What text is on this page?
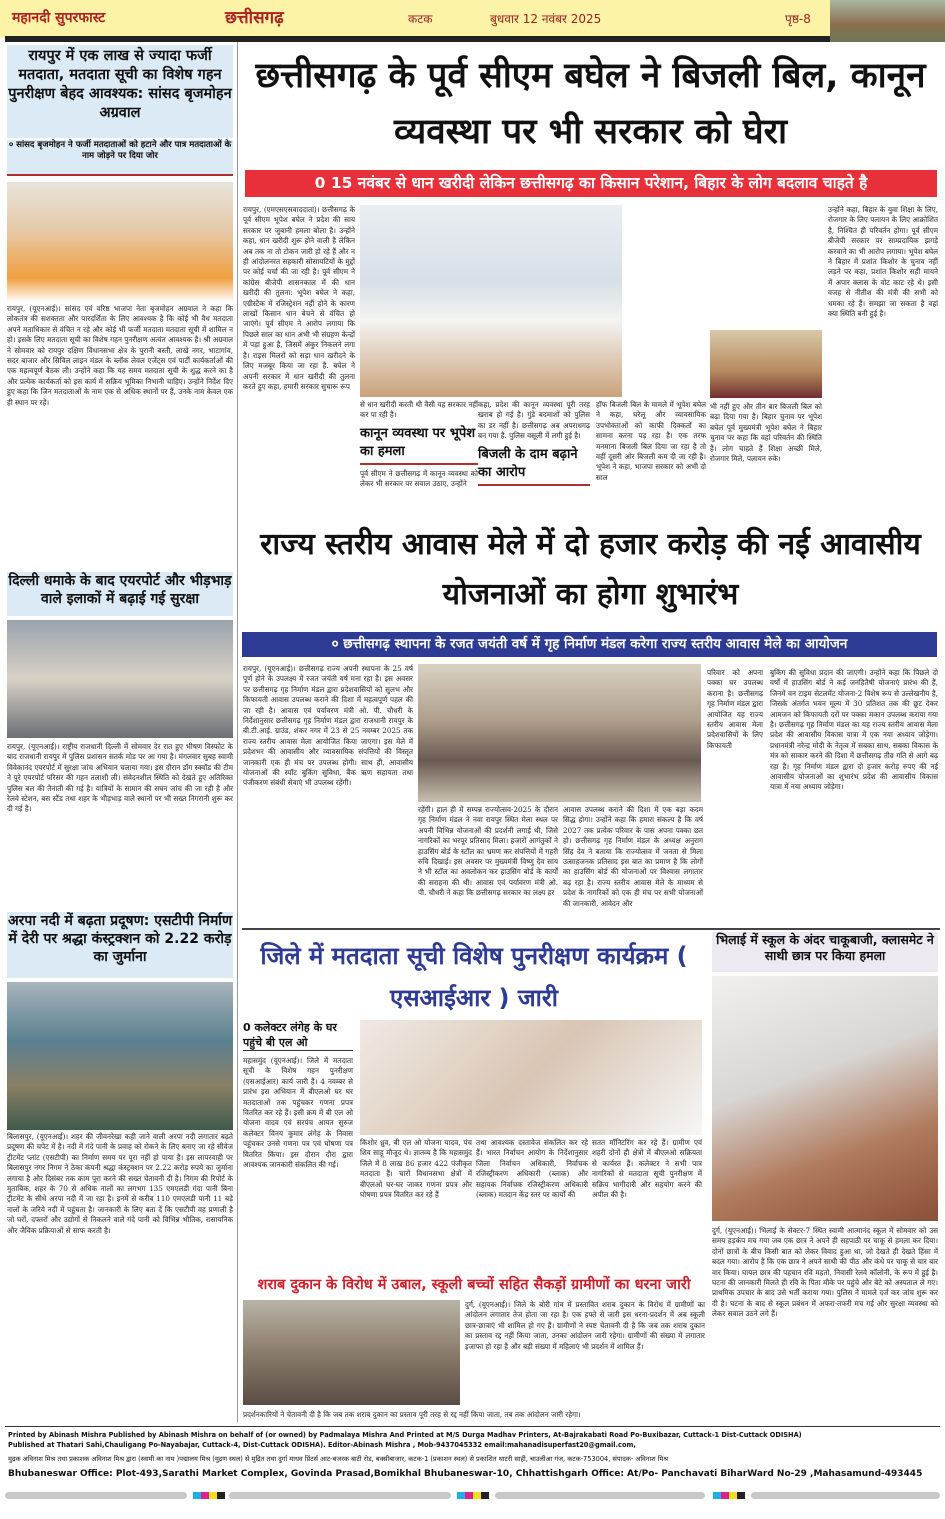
महानदी सुपरफास्ट	छत्तीसगढ़	कटक	बुधवार 12 नवंबर 2025	पृष्ठ-8
रायपुर में एक लाख से ज्यादा फर्जी मतदाता, मतदाता सूची का विशेष गहन पुनरीक्षण बेहद आवश्यक: सांसद बृजमोहन अग्रवाल
० सांसद बृजमोहन ने फर्जी मतदाताओं को हटाने और पात्र मतदाताओं के नाम जोड़ने पर दिया जोर
रायपुर, (यूएनआई)। सांसद एवं वरिष्ठ भाजपा नेता बृजमोहन अग्रवाल ने कहा कि लोकतंत्र की सशक्तता और पारदर्शिता के लिए आवश्यक है कि कोई भी वैध मतदाता अपने मताधिकार से वंचित न रहे और कोई भी फर्जी मतदाता मतदाता सूची में शामिल न हो। इसके लिए मतदाता सूची का विशेष गहन पुनरीक्षण अत्यंत आवश्यक है। श्री अग्रवाल ने सोमवार को रायपुर दक्षिण विधानसभा क्षेत्र के पुरानी बस्ती, लाखे नगर, भाटागांव, सदर बाजार और सिविल लाइन मंडल के ब्लॉक लेवल एजेंट्स एवं पार्टी कार्यकर्ताओं की एक महत्वपूर्ण बैठक ली। उन्होंने कहा कि यह समय मतदाता सूची के शुद्ध करने का है और प्रत्येक कार्यकर्ता को इस कार्य में सक्रिय भूमिका निभानी चाहिए। उन्होंने निर्देश दिए हुए कहा कि जिन मतदाताओं के नाम एक से अधिक स्थानों पर हैं, उनके नाम केवल एक ही स्थान पर रहें।
दिल्ली धमाके के बाद एयरपोर्ट और भीड़भाड़ वाले इलाकों में बढ़ाई गई सुरक्षा
रायपुर, (यूएनआई)। राष्ट्रीय राजधानी दिल्ली में सोमवार देर रात हुए भीषण विस्फोट के बाद राजधानी रायपुर में पुलिस प्रशासन सतर्क मोड पर आ गया है। मंगलवार सुबह स्वामी विवेकानंद एयरपोर्ट में सुरक्षा जांच अभियान चलाया गया। इस दौरान डॉग स्क्वॉड की टीम ने पूरे एयरपोर्ट परिसर की गहन तलाशी ली। संवेदनशील स्थिति को देखते हुए अतिरिक्त पुलिस बल की तैनाती की गई है। यात्रियों के सामान की सघन जांच की जा रही है और रेलवे स्टेशन, बस स्टैंड तथा शहर के भीड़भाड़ वाले स्थानों पर भी सख्त निगरानी शुरू कर दी गई है।
अरपा नदी में बढ़ता प्रदूषण: एसटीपी निर्माण में देरी पर श्रद्धा कंस्ट्रक्शन को 2.22 करोड़ का जुर्माना
बिलासपुर, (यूएनआई)। शहर की जीवनरेखा कही जाने वाली अरपा नदी लगातार बढ़ते प्रदूषण की चपेट में है। नदी में गंदे पानी के प्रवाह को रोकने के लिए बनाए जा रहे सीवेज ट्रीटमेंट प्लांट (एसटीपी) का निर्माण समय पर पूरा नहीं हो पाया है। इस लापरवाही पर बिलासपुर नगर निगम ने ठेका कंपनी श्रद्धा कंस्ट्रक्शन पर 2.22 करोड़ रुपये का जुर्माना लगाया है और दिसंबर तक काम पूरा करने की सख्त चेतावनी दी है। निगम की रिपोर्ट के मुताबिक, शहर के 70 से अधिक नालों का लगभग 135 एमएलडी गंदा पानी बिना ट्रीटमेंट के सीधे अरपा नदी में जा रहा है। इनमें से करीब 110 एमएलडी पानी 11 बड़े नालों के जरिये नदी में पहुंचता है। जानकारी के लिए बता दें कि एसटीपी वह प्रणाली है जो घरों, दफ्तरों और उद्योगों से निकलने वाले गंदे पानी को विभिन्न भौतिक, रासायनिक और जैविक प्रक्रियाओं से साफ करती है।
छत्तीसगढ़ के पूर्व सीएम बघेल ने बिजली बिल, कानून व्यवस्था पर भी सरकार को घेरा
0 15 नवंबर से धान खरीदी लेकिन छत्तीसगढ़ का किसान परेशान, बिहार के लोग बदलाव चाहते है
रायपुर, (एमएसएसवाददाता)। छत्तीसगढ़ के पूर्व सीएम भूपेश बघेल ने प्रदेश की साय सरकार पर जुबानी हमला बोला है। उन्होंने कहा, धान खरीदी शुरू होने वाली है लेकिन अब तक ना तो टोकन जारी हो रहे हैं और न ही आंदोलनरत सहकारी सोसायटियों के मुद्दों पर कोई चर्चा की जा रही है। पूर्व सीएम ने कांग्रेस बीजेपी शासनकाल में की धान खरीदी की तुलना: भूपेश बघेल ने कहा, एग्रीस्टैक में रजिस्ट्रेशन नहीं होने के कारण लाखों किसान धान बेचने से वंचित हो जाएंगे। पूर्व सीएम ने आरोप लगाया कि पिछले साल का धान अभी भी संग्रहण केन्द्रों में पड़ा हुआ है, जिसमें अंकुर निकलने लगा है। राइस मिलरों को सड़ा धान खरीदने के लिए मजबूर किया जा रहा है. बघेल ने अपनी सरकार में धान खरीदी की तुलना करते हुए कहा, हमारी सरकार सुचारू रूप
से धान खरीदी करती थी वैसी यह सरकार नहीं कर पा रही है।
कानून व्यवस्था पर भूपेश का हमला
पूर्व सीएम ने छत्तीसगढ़ में कानून व्यवस्था को लेकर भी सरकार पर सवाल उठाए, उन्होंने
कहा, प्रदेश की कानून व्यवस्था पूरी तरह खराब हो गई है। गुंडे बदमाशों को पुलिस का डर नहीं है। छत्तीसगढ़ अब अपराधगढ़ बन गया है. पुलिस वसूली में लगी हुई है।
बिजली के दाम बढ़ाने का आरोप
हॉफ बिजली बिल के मामले में भूपेश बघेल ने कहा, घरेलू और व्यावसायिक उपभोक्ताओं को काफी दिक्कतों का सामना करना पड़ रहा है। एक तरफ मनमाना बिजली बिल दिया जा रहा है तो वहीं दूसरी ओर बिजली कम दी जा रही है। भूपेश ने कहा, भाजपा सरकार को अभी दो साल
भी नहीं हुए और तीन बार बिजली बिल को बढ़ा दिया गया है। बिहार चुनाव पर भूपेश बघेल पूर्व मुख्यमंत्री भूपेश बघेल ने बिहार चुनाव पर कहा कि वहां परिवर्तन की स्थिति है। लोग चाहते हैं शिक्षा अच्छी मिले, रोजगार मिले, पलायन रुके।
उन्होंने कहा, बिहार के युवा शिक्षा के लिए, रोजगार के लिए पलायन के लिए आक्रोशित है, निश्चित ही परिवर्तन होगा। पूर्व सीएम बीजेपी सरकार पर साम्प्रदायिक झगड़े करवाने का भी आरोप लगाया। भूपेश बघेल ने बिहार में प्रशांत किशोर के चुनाव नहीं लड़ने पर कहा, प्रशांत किशोर सही मायने में अपार क्लास के वोट काट रहे थे। इसी वजह से नीतीश की मंत्री की सभी को धमका रहे हैं। समझा जा सकता है वहां क्या स्थिति बनी हुई है।
राज्य स्तरीय आवास मेले में दो हजार करोड़ की नई आवासीय योजनाओं का होगा शुभारंभ
० छत्तीसगढ़ स्थापना के रजत जयंती वर्ष में गृह निर्माण मंडल करेगा राज्य स्तरीय आवास मेले का आयोजन
रायपुर, (यूएनआई)। छत्तीसगढ़ राज्य अपनी स्थापना के 25 वर्ष पूर्ण होने के उपलक्ष्य में रजत जयंती वर्ष मना रहा है। इस अवसर पर छत्तीसगढ़ गृह निर्माण मंडल द्वारा प्रदेशवासियों को सुलभ और किफायती आवास उपलब्ध कराने की दिशा में महत्वपूर्ण पहल की जा रही है। आवास एवं पर्यावरण मंत्री ओ. पी. चौधरी के निर्देशानुसार छत्तीसगढ़ गृह निर्माण मंडल द्वारा राजधानी रायपुर के बी.टी.आई. ग्राउंड, शंकर नगर में 23 से 25 नवम्बर 2025 तक राज्य स्तरीय आवास मेला आयोजित किया जाएगा। इस मेले में प्रदेशभर की आवासीय और व्यावसायिक संपत्तियों की विस्तृत जानकारी एक ही मंच पर उपलब्ध होगी। साथ ही, आवासीय योजनाओं की स्पॉट बुकिंग सुविधा, बैंक ऋण सहायता तथा पंजीकरण संबंधी सेवाएं भी उपलब्ध रहेंगी।
रहेंगी। हाल ही में सम्पन्न राज्योत्सव-2025 के दौरान गृह निर्माण मंडल ने नवा रायपुर स्थित मेला स्थल पर अपनी विभिन्न योजनाओं की प्रदर्शनी लगाई थी, जिसे नागरिकों का भरपूर प्रतिसाद मिला। हजारों आगंतुकों ने हाउसिंग बोर्ड के स्टॉल का भ्रमण कर संपत्तियों में गहरी रुचि दिखाई। इस अवसर पर मुख्यमंत्री विष्णु देव साय ने भी स्टॉल का अवलोकन कर हाउसिंग बोर्ड के कार्यों की सराहना की थी। आवास एवं पर्यावरण मंत्री ओ. पी. चौधरी ने कहा कि छत्तीसगढ़ सरकार का लक्ष्य हर
आवास उपलब्ध कराने की दिशा में एक बड़ा कदम सिद्ध होगा। उन्होंने कहा कि हमारा संकल्प है कि वर्ष 2027 तक प्रत्येक परिवार के पास अपना पक्का छत हो। छत्तीसगढ़ गृह निर्माण मंडल के अध्यक्ष अनुराग सिंह देव ने बताया कि राज्योत्सव में जनता से मिला उत्साहजनक प्रतिसाद इस बात का प्रमाण है कि लोगों का हाउसिंग बोर्ड की योजनाओं पर विश्वास लगातार बढ़ रहा है। राज्य स्तरीय आवास मेले के माध्यम से प्रदेश के नागरिकों को एक ही मंच पर सभी योजनाओं की जानकारी, आवेदन और
परिवार को अपना पक्का घर उपलब्ध कराना है। छत्तीसगढ़ गृह निर्माण मंडल द्वारा आयोजित यह राज्य स्तरीय आवास मेला प्रदेशवासियों के लिए किफायती
बुकिंग की सुविधा प्रदान की जाएगी। उन्होंने कहा कि पिछले दो वर्षों में हाउसिंग बोर्ड ने कई जनहितैषी योजनाएं प्रारंभ की हैं, जिनमें वन टाइम सेटलमेंट योजना-2 विशेष रूप से उल्लेखनीय है, जिसके अंतर्गत भवन मूल्य में 30 प्रतिशत तक की छूट देकर आमजन को किफायती दरों पर पक्का मकान उपलब्ध कराया गया है। छत्तीसगढ़ गृह निर्माण मंडल का यह राज्य स्तरीय आवास मेला प्रदेश की आवासीय विकास यात्रा में एक नया अध्याय जोड़ेगा। प्रधानमंत्री नरेन्द्र मोदी के नेतृत्व में सबका साथ, सबका विकास के मंत्र को साकार करने की दिशा में छत्तीसगढ़ तीव्र गति से आगे बढ़ रहा है। गृह निर्माण मंडल द्वारा दो हजार करोड़ रुपए की नई आवासीय योजनाओं का शुभारंभ प्रदेश की आवासीय विकास यात्रा में नया अध्याय जोड़ेगा।
जिले में मतदाता सूची विशेष पुनरीक्षण कार्यक्रम ( एसआईआर ) जारी
0 कलेक्टर लंगेह के घर पहुंचे बी एल ओ
महासमुंद (यूएनआई)। जिले में मतदाता सूची के विशेष गहन पुनरीक्षण (एसआईआर) कार्य जारी है। 4 नवम्बर से प्रारंभ इस अभियान में बीएलओ घर घर मतदाताओं तक पहुंचकर गणना प्रपत्र वितरित कर रहे हैं। इसी क्रम में बी एल ओ योजना वादव एवं सरपंच आयत सुरुज कलेक्टर विनय कुमार लंगेह के निवास पहुंचकर उनसे गणना पत्र एवं घोषणा पत्र वितरित किया। इस दौरान दौरा द्वारा आवश्यक जानकारी संकलित की गई।
किशोर ध्रुव, बी एल ओ योजना यादव, पंच शिव साहू मौजूद थे। ज्ञातव्य है कि महासमुंद जिले में 8 लाख 86 हजार 422 पंजीकृत मतदाता हैं। चारों विधानसभा क्षेत्रों में बीएलओ घर-घर जाकर गणना प्रपत्र और घोषणा प्रपत्र वितरित कर रहे हैं
तथा आवश्यक दस्तावेज संकलित कर रहे हैं। भारत निर्वाचन आयोग के निर्देशानुसार जिला निर्वाचन अधिकारी, निर्वाचक रजिस्ट्रीकरण अधिकारी (ब्लाक) और सहायक निर्वाचक रजिस्ट्रीकरण अधिकारी (ब्लाक) मतदान केंद्र स्तर पर कार्यों की
सतत मॉनिटरिंग कर रहे हैं। ग्रामीण एवं शहरी दोनों ही क्षेत्रों में बीएलओ सक्रियता से कार्यरत हैं। कलेक्टर ने सभी पात्र नागरिकों से मतदाता सूची पुनरीक्षण में सक्रिय भागीदारी और सहयोग करने की अपील की है।
भिलाई में स्कूल के अंदर चाकूबाजी, क्लासमेट ने साथी छात्र पर किया हमला
दुर्ग, (यूएनआई)। भिलाई के सेक्टर-7 स्थित स्वामी आत्मानंद स्कूल में सोमवार को उस समय हड़कंप मच गया जब एक छात्र ने अपने ही सहपाठी पर चाकू से हमला कर दिया। दोनों छात्रों के बीच किसी बात को लेकर विवाद हुआ था, जो देखते ही देखते हिंसा में बदल गया। आरोप है कि एक छात्र ने अपने साथी की पीठ और कंधे पर चाकू से चार बार वार किया। घायल छात्र की पहचान रवि महतो, निवासी रेलवे कॉलोनी, के रूप में हुई है। घटना की जानकारी मिलते ही रवि के पिता मौके पर पहुंचे और बेटे को अस्पताल ले गए। प्राथमिक उपचार के बाद उसे भर्ती कराया गया। पुलिस ने मामले दर्ज कर जांच शुरू कर दी है। घटना के बाद से स्कूल प्रबंधन में अफरा-तफरी मच गई और सुरक्षा व्यवस्था को लेकर सवाल उठने लगे हैं।
शराब दुकान के विरोध में उबाल, स्कूली बच्चों सहित सैकड़ों ग्रामीणों का धरना जारी
दुर्ग, (यूएनआई)। जिले के बोरी गांव में प्रस्तावित शराब दुकान के विरोध में ग्रामीणों का आंदोलन लगातार तेज होता जा रहा है। एक हफ्ते से जारी इस धरना-प्रदर्शन में अब स्कूली छात्र-छात्राएं भी शामिल हो गए हैं। ग्रामीणों ने स्पष्ट चेतावनी दी है कि जब तक शराब दुकान का प्रस्ताव रद्द नहीं किया जाता, उनका आंदोलन जारी रहेगा। ग्रामीणों की संख्या में लगातार इजाफा हो रहा है और बड़ी संख्या में महिलाएं भी प्रदर्शन में शामिल हैं।
प्रदर्शनकारियों ने चेतावनी दी है कि जब तक शराब दुकान का प्रस्ताव पूरी तरह से रद्द नहीं किया जाता, तब तक आंदोलन जारी रहेगा।
Printed by Abinash Mishra Published by Abinash Mishra on behalf of (or owned) by Padmalaya Mishra And Printed at M/S Durga Madhav Printers, At-Bajrakabati Road Po-Buxibazar, Cuttack-1 Dist-Cuttack ODISHA)
Published at Thatari Sahi,Chauligang Po-Nayabajar, Cuttack-4, Dist-Cuttack ODISHA). Editor-Abinash Mishra , Mob-9437045332 email:mahanadisuperfast20@gmail.com,
मुद्रक अविनाश मिश्र तथा प्रकाशक अविनाश मिश्र द्वारा (स्वामी का नाम )पद्मालय मिश्र (मुद्रण स्थल) से मुद्रित तथा दुर्गा माधव प्रिंटर्स आट-बजरक बाटी रोड, बक्सीबाजार, कटक-1 (प्रकाशन स्थल) से प्रकाशित थाटरी साही, चाउलीआ गंज, कटक-753004, संपादक- अविनाश मिश्र
Bhubaneswar Office: Plot-493,Sarathi Market Complex, Govinda Prasad,Bomikhal Bhubaneswar-10, Chhattishgarh Office: At/Po- Panchavati BiharWard No-29 ,Mahasamund-493445
